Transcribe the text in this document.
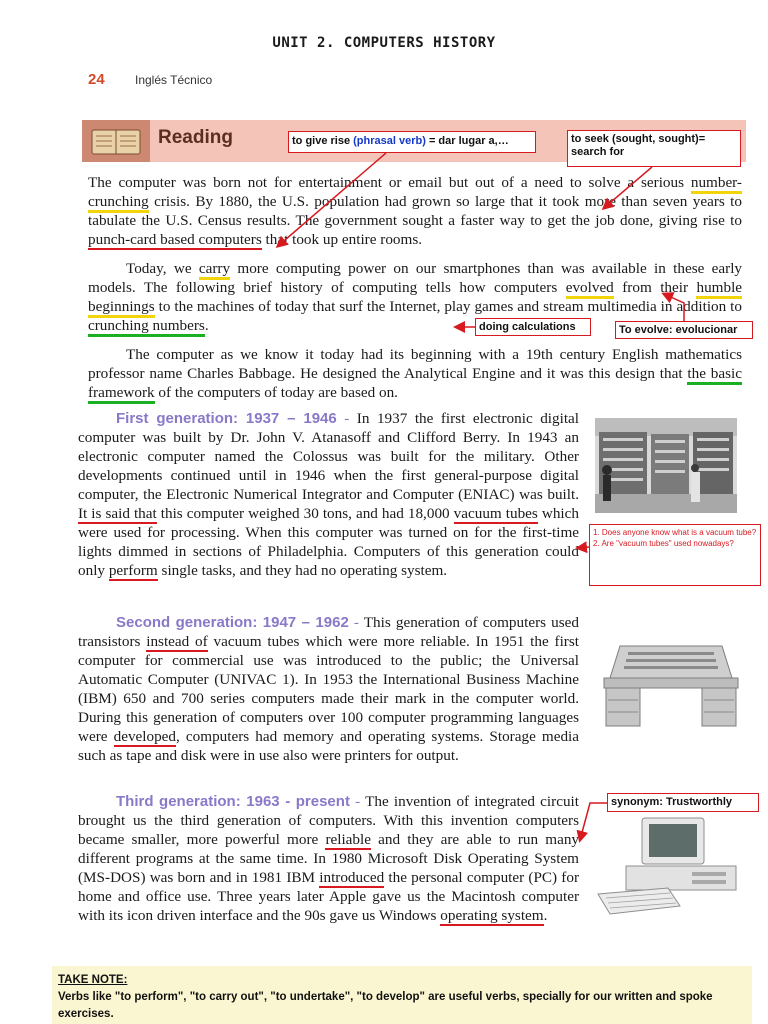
UNIT 2. COMPUTERS HISTORY
24	Inglés Técnico
Reading	to give rise (phrasal verb) = dar lugar a,…	to seek (sought, sought)= search for
doing calculations	To evolve: evolucionar
1. Does anyone know what is a vacuum tube?
2. Are "vacuum tubes" used nowadays?
synonym: Trustworthly

The computer was born not for entertainment or email but out of a need to solve a serious number-crunching crisis. By 1880, the U.S. population had grown so large that it took more than seven years to tabulate the U.S. Census results. The government sought a faster way to get the job done, giving rise to punch-card based computers that took up entire rooms.

Today, we carry more computing power on our smartphones than was available in these early models. The following brief history of computing tells how computers evolved from their humble beginnings to the machines of today that surf the Internet, play games and stream multimedia in addition to crunching numbers.

The computer as we know it today had its beginning with a 19th century English mathematics professor name Charles Babbage. He designed the Analytical Engine and it was this design that the basic framework of the computers of today are based on.

First generation: 1937 – 1946 - In 1937 the first electronic digital computer was built by Dr. John V. Atanasoff and Clifford Berry. In 1943 an electronic computer named the Colossus was built for the military. Other developments continued until in 1946 when the first general-purpose digital computer, the Electronic Numerical Integrator and Computer (ENIAC) was built. It is said that this computer weighed 30 tons, and had 18,000 vacuum tubes which were used for processing. When this computer was turned on for the first-time lights dimmed in sections of Philadelphia. Computers of this generation could only perform single tasks, and they had no operating system.

Second generation: 1947 – 1962 - This generation of computers used transistors instead of vacuum tubes which were more reliable. In 1951 the first computer for commercial use was introduced to the public; the Universal Automatic Computer (UNIVAC 1). In 1953 the International Business Machine (IBM) 650 and 700 series computers made their mark in the computer world. During this generation of computers over 100 computer programming languages were developed, computers had memory and operating systems. Storage media such as tape and disk were in use also were printers for output.

Third generation: 1963 - present - The invention of integrated circuit brought us the third generation of computers. With this invention computers became smaller, more powerful more reliable and they are able to run many different programs at the same time. In 1980 Microsoft Disk Operating System (MS-DOS) was born and in 1981 IBM introduced the personal computer (PC) for home and office use. Three years later Apple gave us the Macintosh computer with its icon driven interface and the 90s gave us Windows operating system.

TAKE NOTE:
Verbs like "to perform", "to carry out", "to undertake", "to develop" are useful verbs, specially for our written and spoke exercises.
